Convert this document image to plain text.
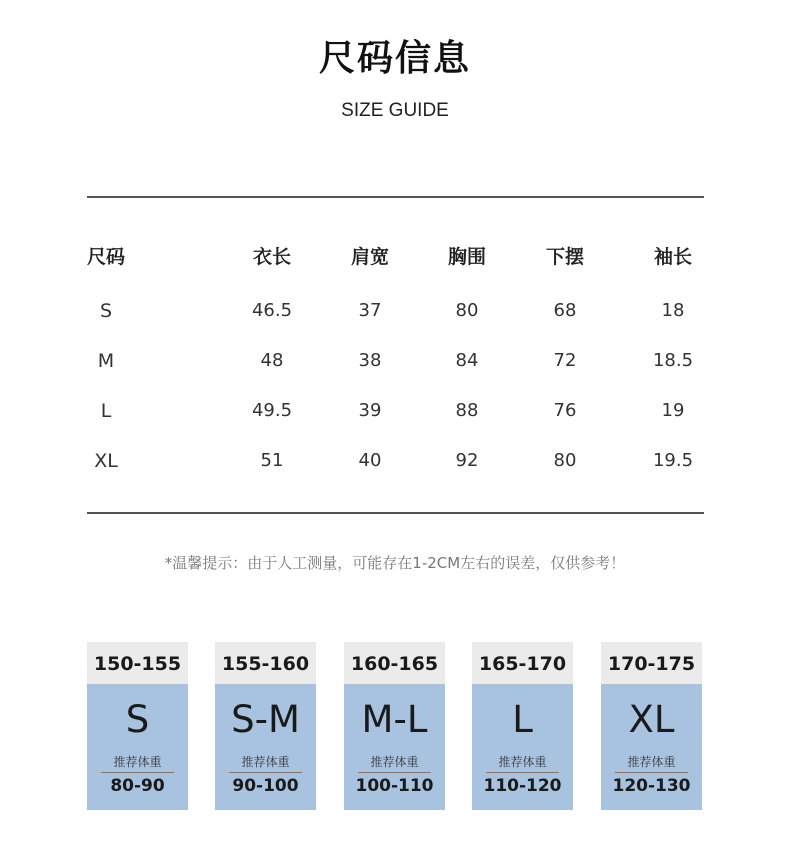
尺码信息
SIZE GUIDE
尺码	衣长	肩宽	胸围	下摆	袖长
S	46.5	37	80	68	18
M	48	38	84	72	18.5
L	49.5	39	88	76	19
XL	51	40	92	80	19.5
*温馨提示：由于人工测量，可能存在1-2CM左右的误差，仅供参考！
150-155
S
推荐体重
80-90
155-160
S-M
推荐体重
90-100
160-165
M-L
推荐体重
100-110
165-170
L
推荐体重
110-120
170-175
XL
推荐体重
120-130
